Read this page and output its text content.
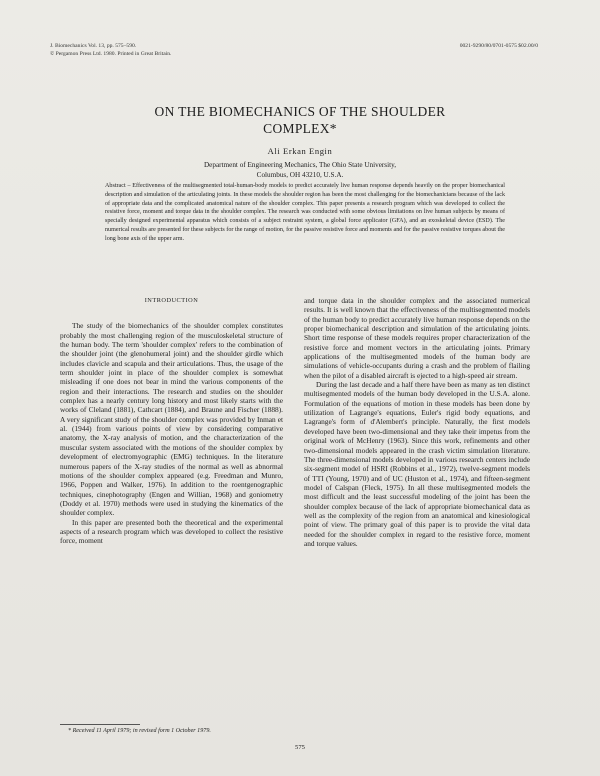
J. Biomechanics Vol. 13, pp. 575–590.
© Pergamon Press Ltd. 1980. Printed in Great Britain.
0021-9290/80/0701-0575 $02.00/0
ON THE BIOMECHANICS OF THE SHOULDER
COMPLEX*
Ali Erkan Engin
Department of Engineering Mechanics, The Ohio State University,
Columbus, OH 43210, U.S.A.
Abstract – Effectiveness of the multisegmented total-human-body models to predict accurately live human response depends heavily on the proper biomechanical description and simulation of the articulating joints. In these models the shoulder region has been the most challenging for the biomechanicians because of the lack of appropriate data and the complicated anatomical nature of the shoulder complex. This paper presents a research program which was developed to collect the resistive force, moment and torque data in the shoulder complex. The research was conducted with some obvious limitations on live human subjects by means of specially designed experimental apparatus which consists of a subject restraint system, a global force applicator (GFA), and an exoskeletal device (ESD). The numerical results are presented for these subjects for the range of motion, for the passive resistive force and moments and for the passive resistive torques about the long bone axis of the upper arm.
INTRODUCTION

The study of the biomechanics of the shoulder complex constitutes probably the most challenging region of the musculoskeletal structure of the human body. The term 'shoulder complex' refers to the combination of the shoulder joint (the glenohumeral joint) and the shoulder girdle which includes clavicle and scapula and their articulations. Thus, the usage of the term shoulder joint in place of the shoulder complex is somewhat misleading if one does not bear in mind the various components of the region and their interactions. The research and studies on the shoulder complex has a nearly century long history and most likely starts with the works of Cleland (1881), Cathcart (1884), and Braune and Fischer (1888). A very significant study of the shoulder complex was provided by Inman et al. (1944) from various points of view by considering comparative anatomy, the X-ray analysis of motion, and the characterization of the muscular system associated with the motions of the shoulder complex by development of electromyographic (EMG) techniques. In the literature numerous papers of the X-ray studies of the normal as well as abnormal motions of the shoulder complex appeared (e.g. Freedman and Munro, 1966, Poppen and Walker, 1976). In addition to the roentgenographic techniques, cinephotography (Engen and Willian, 1968) and goniometry (Doddy et al. 1970) methods were used in studying the kinematics of the shoulder complex.

In this paper are presented both the theoretical and the experimental aspects of a research program which was developed to collect the resistive force, moment

and torque data in the shoulder complex and the associated numerical results. It is well known that the effectiveness of the multisegmented models of the human body to predict accurately live human response depends on the proper biomechanical description and simulation of the articulating joints. Short time response of these models requires proper characterization of the resistive force and moment vectors in the articulating joints. Primary applications of the multisegmented models of the human body are simulations of vehicle-occupants during a crash and the problem of flailing when the pilot of a disabled aircraft is ejected to a high-speed air stream.

During the last decade and a half there have been as many as ten distinct multisegmented models of the human body developed in the U.S.A. alone. Formulation of the equations of motion in these models has been done by utilization of Lagrange's equations, Euler's rigid body equations, and Lagrange's form of d'Alembert's principle. Naturally, the first models developed have been two-dimensional and they take their impetus from the original work of McHenry (1963). Since this work, refinements and other two-dimensional models appeared in the crash victim simulation literature. The three-dimensional models developed in various research centers include six-segment model of HSRI (Robbins et al., 1972), twelve-segment models of TTI (Young, 1970) and of UC (Huston et al., 1974), and fifteen-segment model of Calspan (Fleck, 1975). In all these multisegmented models the most difficult and the least successful modeling of the joint has been the shoulder complex because of the lack of appropriate biomechanical data as well as the complexity of the region from an anatomical and kinesiological point of view. The primary goal of this paper is to provide the vital data needed for the shoulder complex in regard to the resistive force, moment and torque values.

* Received 11 April 1979; in revised form 1 October 1979.
575
